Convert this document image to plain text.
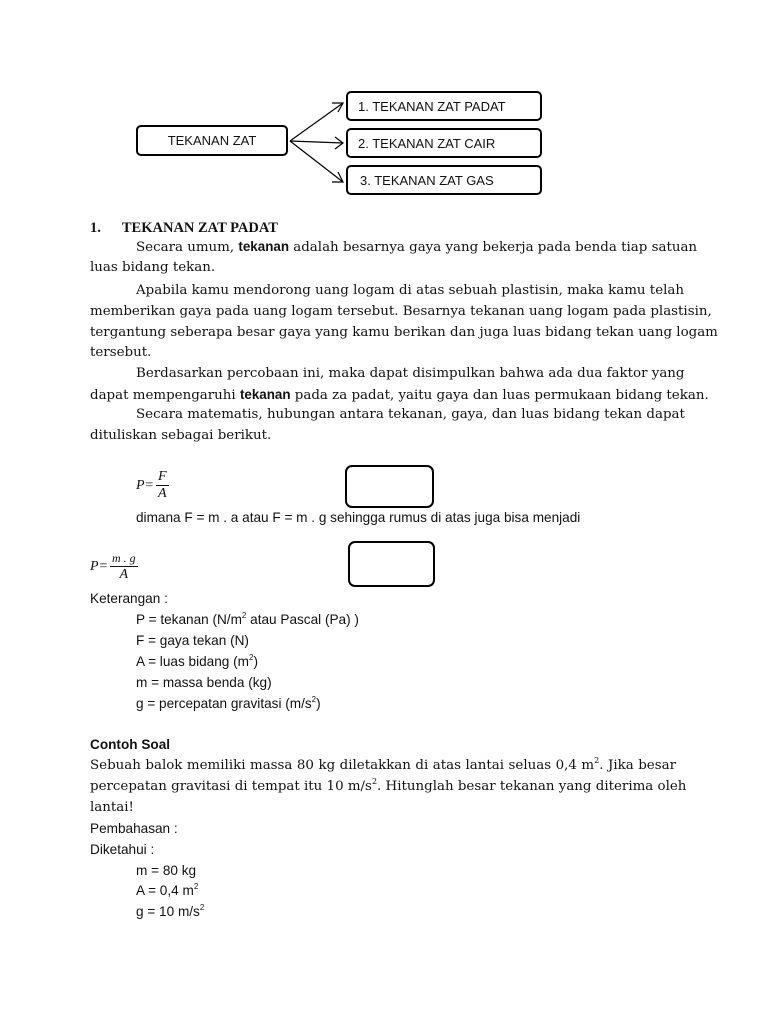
TEKANAN ZAT
1. TEKANAN ZAT PADAT
2. TEKANAN ZAT CAIR
3. TEKANAN ZAT GAS
1. TEKANAN ZAT PADAT
Secara umum, tekanan adalah besarnya gaya yang bekerja pada benda tiap satuan
luas bidang tekan.
Apabila kamu mendorong uang logam di atas sebuah plastisin, maka kamu telah
memberikan gaya pada uang logam tersebut. Besarnya tekanan uang logam pada plastisin,
tergantung seberapa besar gaya yang kamu berikan dan juga luas bidang tekan uang logam
tersebut.
Berdasarkan percobaan ini, maka dapat disimpulkan bahwa ada dua faktor yang
dapat mempengaruhi tekanan pada za padat, yaitu gaya dan luas permukaan bidang tekan.
Secara matematis, hubungan antara tekanan, gaya, dan luas bidang tekan dapat
dituliskan sebagai berikut.
$P= \frac{F}{A}$
dimana F = m . a atau F = m . g sehingga rumus di atas juga bisa menjadi
$P= \frac{m . g}{A}$
Keterangan :
P = tekanan ($N/m^2$ atau Pascal (Pa) )
F = gaya tekan (N)
A = luas bidang $(m^2)$
m = massa benda (kg)
g = percepatan gravitasi $(m/s^2)$
Contoh Soal
Sebuah balok memiliki massa 80 kg diletakkan di atas lantai seluas 0,4 $m^2$. Jika besar
percepatan gravitasi di tempat itu 10 $m/s^2$. Hitunglah besar tekanan yang diterima oleh
lantai!
Pembahasan :
Diketahui :
m = 80 kg
A = 0,4 $m^2$
g = 10 $m/s^2$
